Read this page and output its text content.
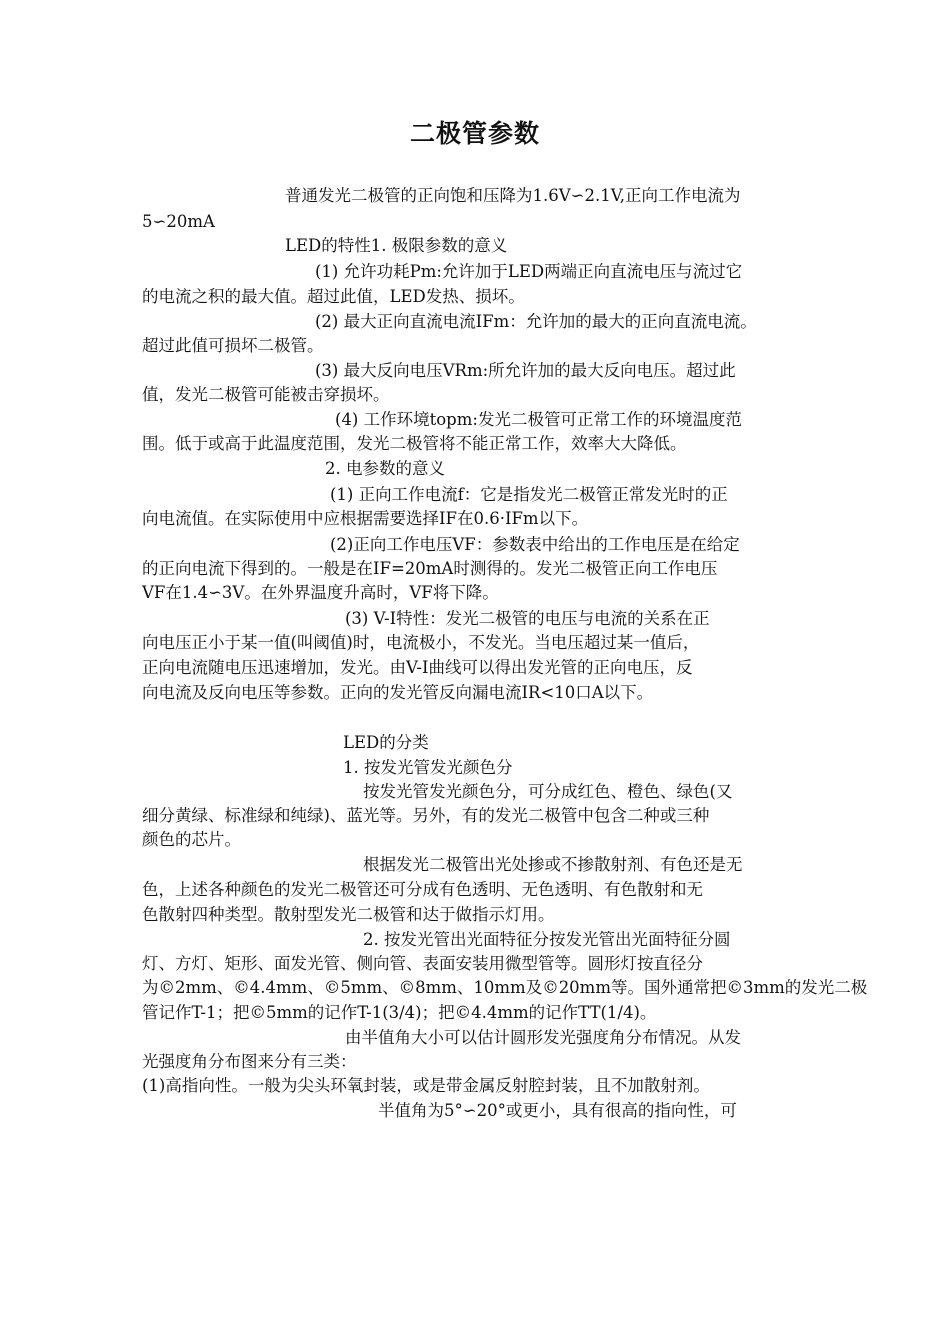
二极管参数
普通发光二极管的正向饱和压降为1.6V∽2.1V,正向工作电流为
5∽20mA
LED的特性1. 极限参数的意义
(1) 允许功耗Pm:允许加于LED两端正向直流电压与流过它
的电流之积的最大值。超过此值，LED发热、损坏。
(2) 最大正向直流电流IFm：允许加的最大的正向直流电流。
超过此值可损坏二极管。
(3) 最大反向电压VRm:所允许加的最大反向电压。超过此
值，发光二极管可能被击穿损坏。
(4) 工作环境topm:发光二极管可正常工作的环境温度范
围。低于或高于此温度范围，发光二极管将不能正常工作，效率大大降低。
2. 电参数的意义
(1) 正向工作电流f：它是指发光二极管正常发光时的正
向电流值。在实际使用中应根据需要选择IF在0.6·IFm以下。
(2)正向工作电压VF：参数表中给出的工作电压是在给定
的正向电流下得到的。一般是在IF=20mA时测得的。发光二极管正向工作电压
VF在1.4∽3V。在外界温度升高时，VF将下降。
(3) V-I特性：发光二极管的电压与电流的关系在正
向电压正小于某一值(叫阈值)时，电流极小，不发光。当电压超过某一值后，
正向电流随电压迅速增加，发光。由V-I曲线可以得出发光管的正向电压，反
向电流及反向电压等参数。正向的发光管反向漏电流IR<10口A以下。
LED的分类
1. 按发光管发光颜色分
按发光管发光颜色分，可分成红色、橙色、绿色(又
细分黄绿、标准绿和纯绿)、蓝光等。另外，有的发光二极管中包含二种或三种
颜色的芯片。
根据发光二极管出光处掺或不掺散射剂、有色还是无
色，上述各种颜色的发光二极管还可分成有色透明、无色透明、有色散射和无
色散射四种类型。散射型发光二极管和达于做指示灯用。
2. 按发光管出光面特征分按发光管出光面特征分圆
灯、方灯、矩形、面发光管、侧向管、表面安装用微型管等。圆形灯按直径分
为©2mm、©4.4mm、©5mm、©8mm、10mm及©20mm等。国外通常把©3mm的发光二极
管记作T-1；把©5mm的记作T-1(3/4)；把©4.4mm的记作TT(1/4)。
由半值角大小可以估计圆形发光强度角分布情况。从发
光强度角分布图来分有三类：
(1)高指向性。一般为尖头环氧封装，或是带金属反射腔封装，且不加散射剂。
半值角为5°∽20°或更小，具有很高的指向性，可
